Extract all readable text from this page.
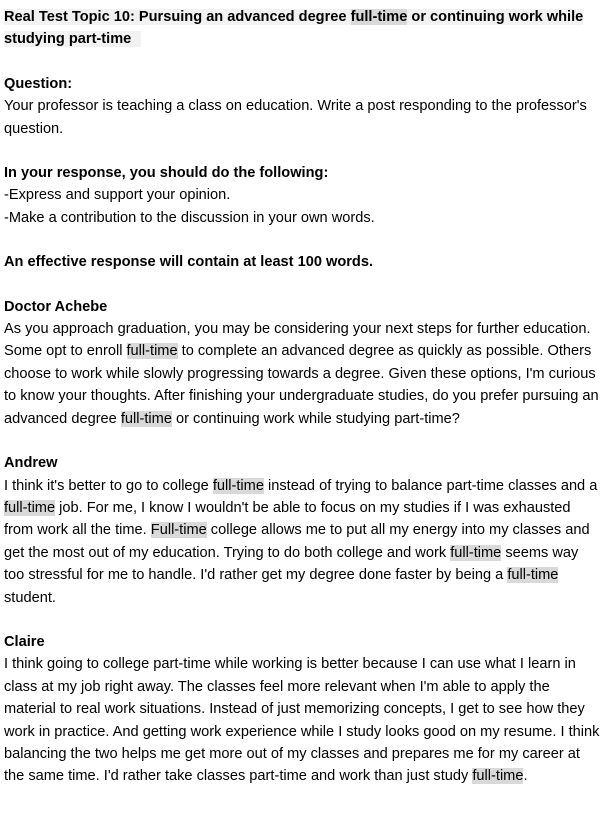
Real Test Topic 10: Pursuing an advanced degree full-time or continuing work while studying part-time

Question:

Your professor is teaching a class on education. Write a post responding to the professor's question.

In your response, you should do the following:

-Express and support your opinion.

-Make a contribution to the discussion in your own words.

An effective response will contain at least 100 words.

Doctor Achebe

As you approach graduation, you may be considering your next steps for further education. Some opt to enroll full-time to complete an advanced degree as quickly as possible. Others choose to work while slowly progressing towards a degree. Given these options, I'm curious to know your thoughts. After finishing your undergraduate studies, do you prefer pursuing an advanced degree full-time or continuing work while studying part-time?

Andrew

I think it's better to go to college full-time instead of trying to balance part-time classes and a full-time job. For me, I know I wouldn't be able to focus on my studies if I was exhausted from work all the time. Full-time college allows me to put all my energy into my classes and get the most out of my education. Trying to do both college and work full-time seems way too stressful for me to handle. I'd rather get my degree done faster by being a full-time student.

Claire

I think going to college part-time while working is better because I can use what I learn in class at my job right away. The classes feel more relevant when I'm able to apply the material to real work situations. Instead of just memorizing concepts, I get to see how they work in practice. And getting work experience while I study looks good on my resume. I think balancing the two helps me get more out of my classes and prepares me for my career at the same time. I'd rather take classes part-time and work than just study full-time.
